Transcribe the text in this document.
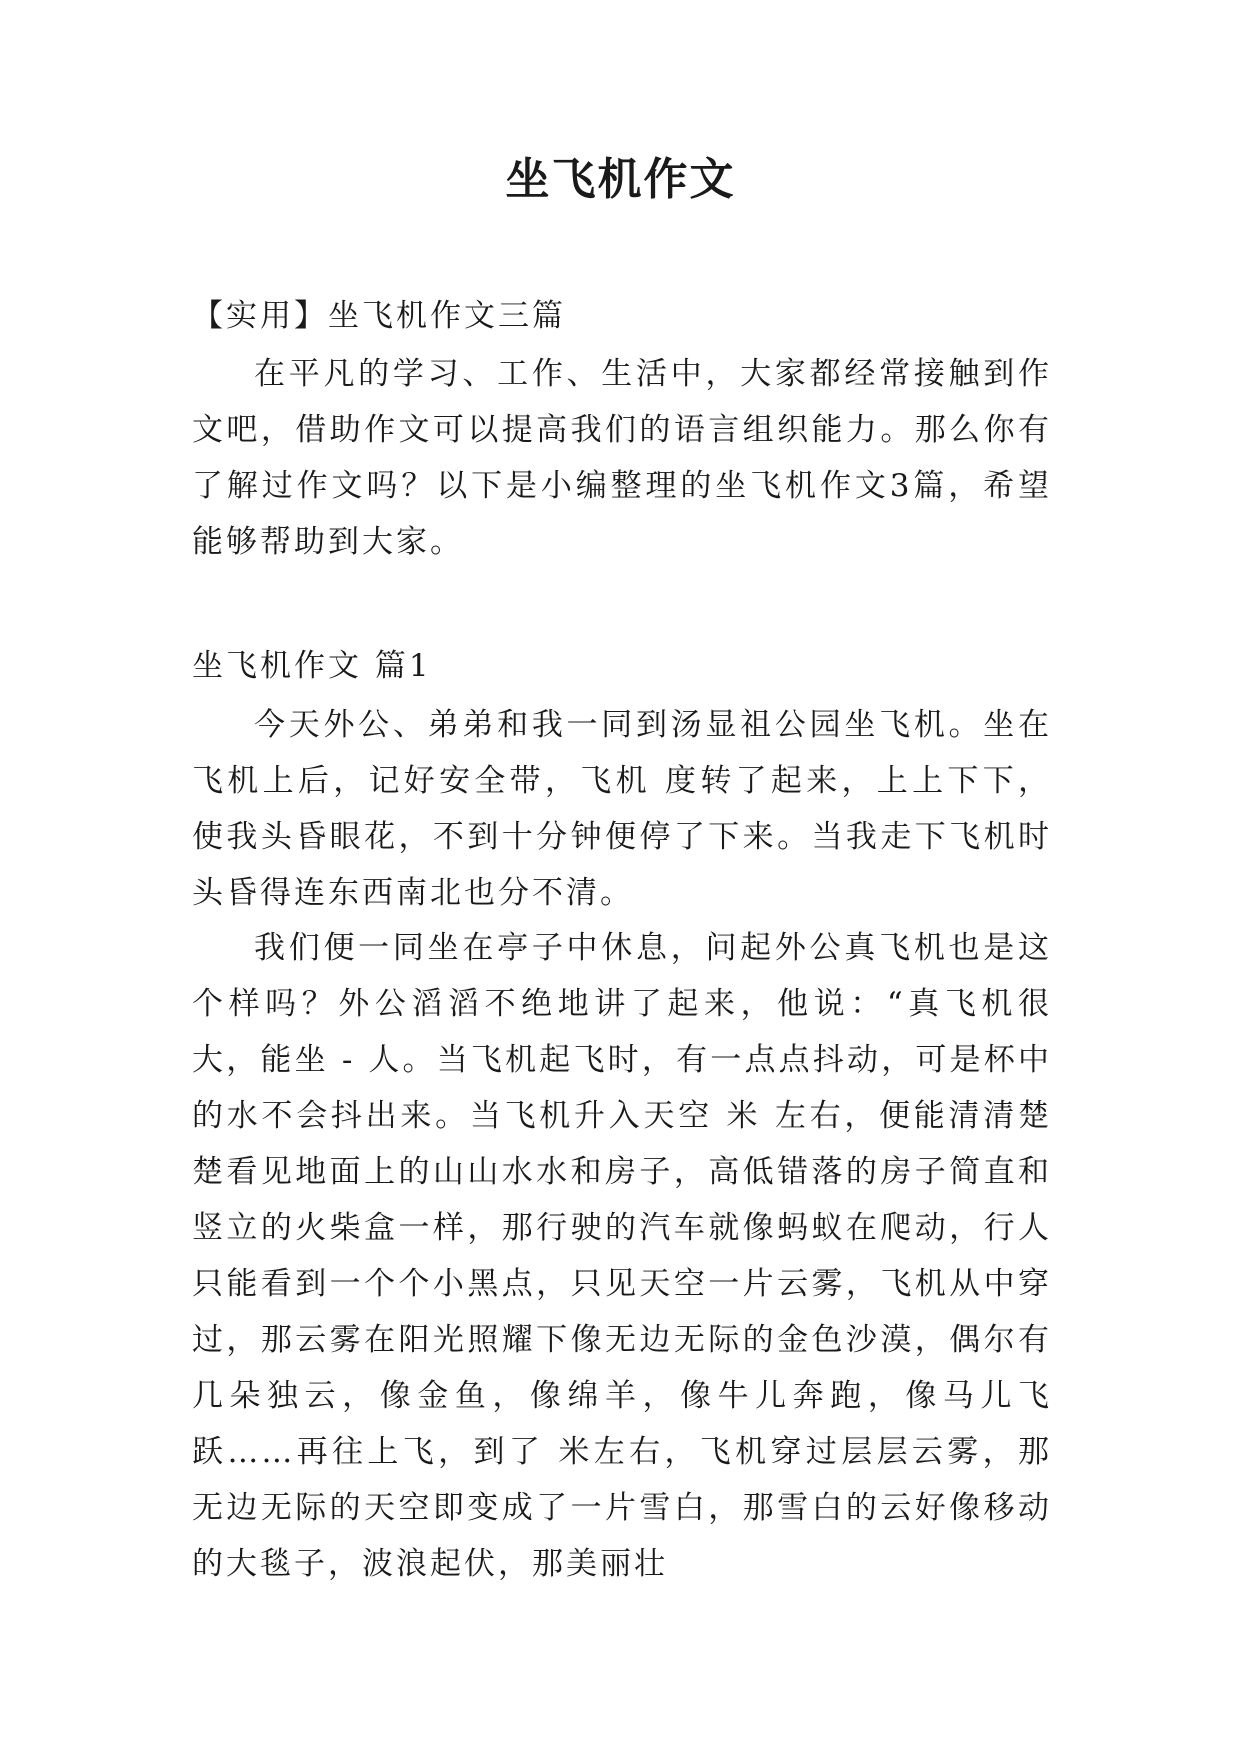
坐飞机作文

【实用】坐飞机作文三篇

在平凡的学习、工作、生活中，大家都经常接触到作文吧，借助作文可以提高我们的语言组织能力。那么你有了解过作文吗？以下是小编整理的坐飞机作文3篇，希望能够帮助到大家。

坐飞机作文 篇1

今天外公、弟弟和我一同到汤显祖公园坐飞机。坐在飞机上后，记好安全带，飞机 度转了起来，上上下下，使我头昏眼花，不到十分钟便停了下来。当我走下飞机时头昏得连东西南北也分不清。

我们便一同坐在亭子中休息，问起外公真飞机也是这个样吗？外公滔滔不绝地讲了起来，他说：“真飞机很大，能坐 - 人。当飞机起飞时，有一点点抖动，可是杯中的水不会抖出来。当飞机升入天空 米 左右，便能清清楚楚看见地面上的山山水水和房子，高低错落的房子简直和竖立的火柴盒一样，那行驶的汽车就像蚂蚁在爬动，行人只能看到一个个小黑点，只见天空一片云雾，飞机从中穿过，那云雾在阳光照耀下像无边无际的金色沙漠，偶尔有几朵独云，像金鱼，像绵羊，像牛儿奔跑，像马儿飞跃……再往上飞，到了 米左右，飞机穿过层层云雾，那无边无际的天空即变成了一片雪白，那雪白的云好像移动的大毯子，波浪起伏，那美丽壮
